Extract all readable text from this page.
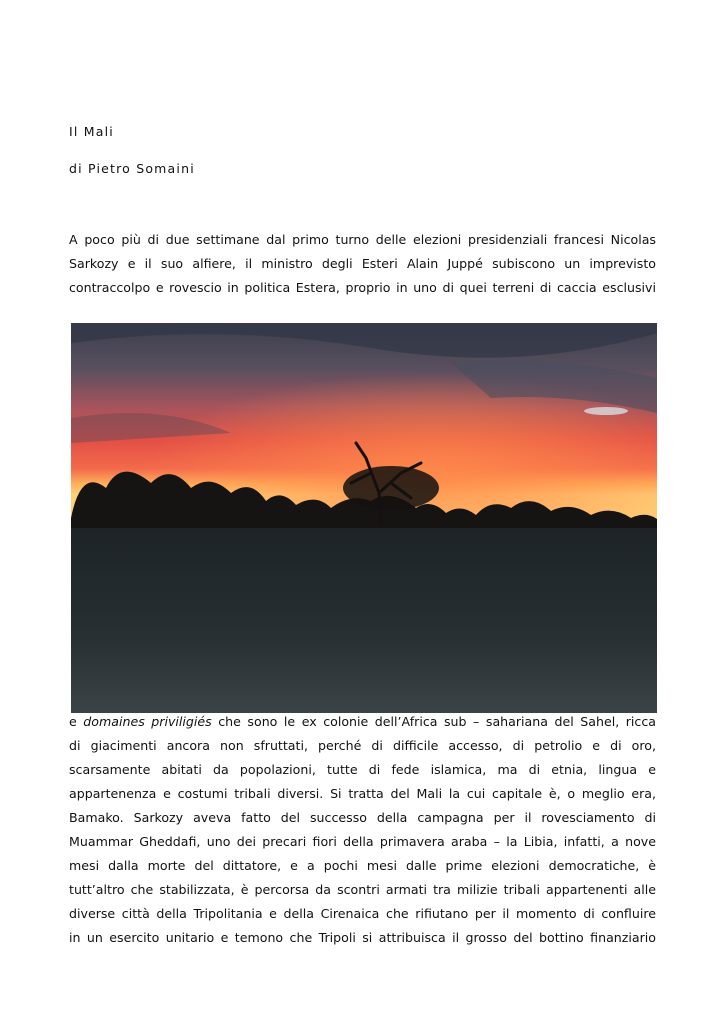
Il Mali
di Pietro Somaini

A poco più di due settimane dal primo turno delle elezioni presidenziali francesi Nicolas
Sarkozy e il suo alfiere, il ministro degli Esteri Alain Juppé subiscono un imprevisto
contraccolpo e rovescio in politica Estera, proprio in uno di quei terreni di caccia esclusivi

e domaines priviligiés che sono le ex colonie dell’Africa sub – sahariana del Sahel, ricca
di giacimenti ancora non sfruttati, perché di difficile accesso, di petrolio e di oro,
scarsamente abitati da popolazioni, tutte di fede islamica, ma di etnia, lingua e
appartenenza e costumi tribali diversi. Si tratta del Mali la cui capitale è, o meglio era,
Bamako. Sarkozy aveva fatto del successo della campagna per il rovesciamento di
Muammar Gheddafi, uno dei precari fiori della primavera araba – la Libia, infatti, a nove
mesi dalla morte del dittatore, e a pochi mesi dalle prime elezioni democratiche, è
tutt’altro che stabilizzata, è percorsa da scontri armati tra milizie tribali appartenenti alle
diverse città della Tripolitania e della Cirenaica che rifiutano per il momento di confluire
in un esercito unitario e temono che Tripoli si attribuisca il grosso del bottino finanziario
